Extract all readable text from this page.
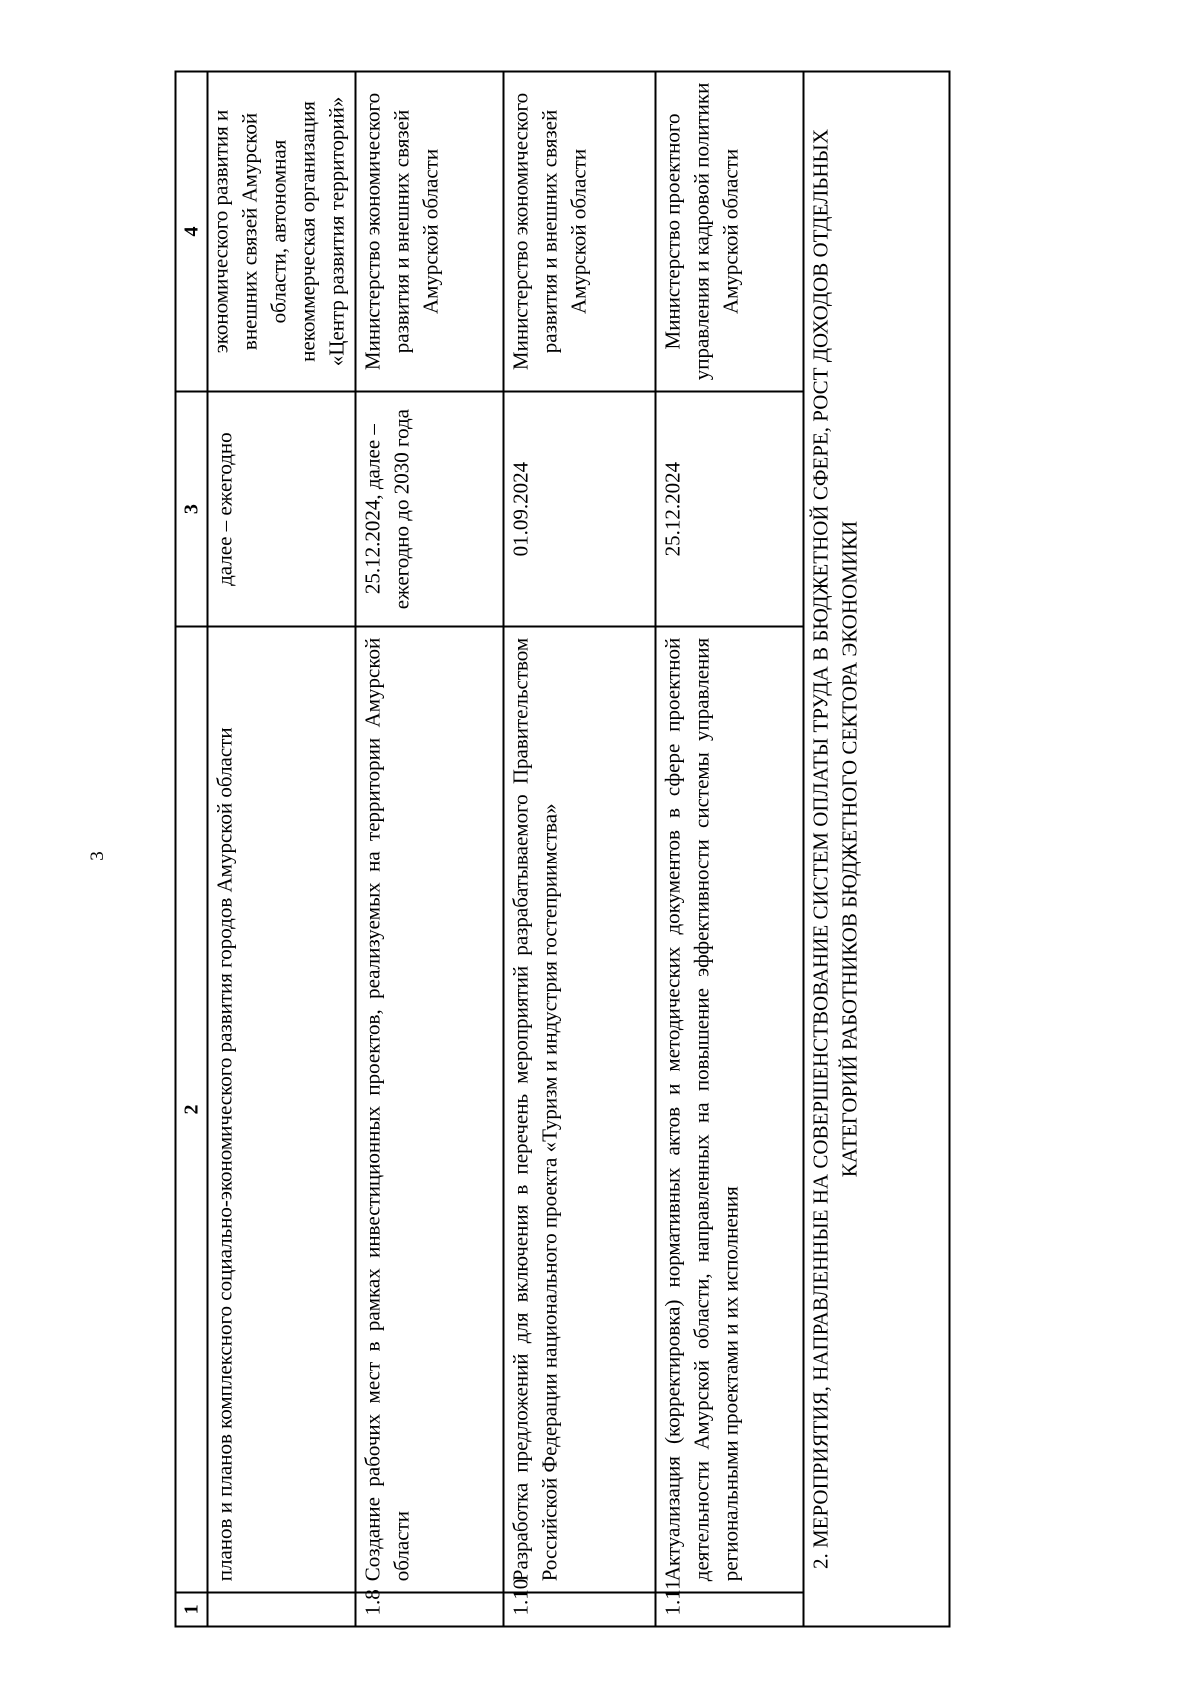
3
1	2	3	4
	планов и планов комплексного социально-экономического развития городов Амурской области	далее – ежегодно	экономического развития и внешних связей Амурской области, автономная некоммерческая организация «Центр развития территорий»

1.8	Создание рабочих мест в рамках инвестиционных проектов, реализуемых на территории Амурской области	25.12.2024, далее – ежегодно до 2030 года	Министерство экономического развития и внешних связей Амурской области
1.10	Разработка предложений для включения в перечень мероприятий разрабатываемого Правительством Российской Федерации национального проекта «Туризм и индустрия гостеприимства»	01.09.2024	Министерство экономического развития и внешних связей Амурской области
1.11	Актуализация (корректировка) нормативных актов и методических документов в сфере проектной деятельности Амурской области, направленных на повышение эффективности системы управления региональными проектами и их исполнения	25.12.2024	Министерство проектного управления и кадровой политики Амурской области
2. МЕРОПРИЯТИЯ, НАПРАВЛЕННЫЕ НА СОВЕРШЕНСТВОВАНИЕ СИСТЕМ ОПЛАТЫ ТРУДА В БЮДЖЕТНОЙ СФЕРЕ, РОСТ ДОХОДОВ ОТДЕЛЬНЫХ КАТЕГОРИЙ РАБОТНИКОВ БЮДЖЕТНОГО СЕКТОРА ЭКОНОМИКИ			
